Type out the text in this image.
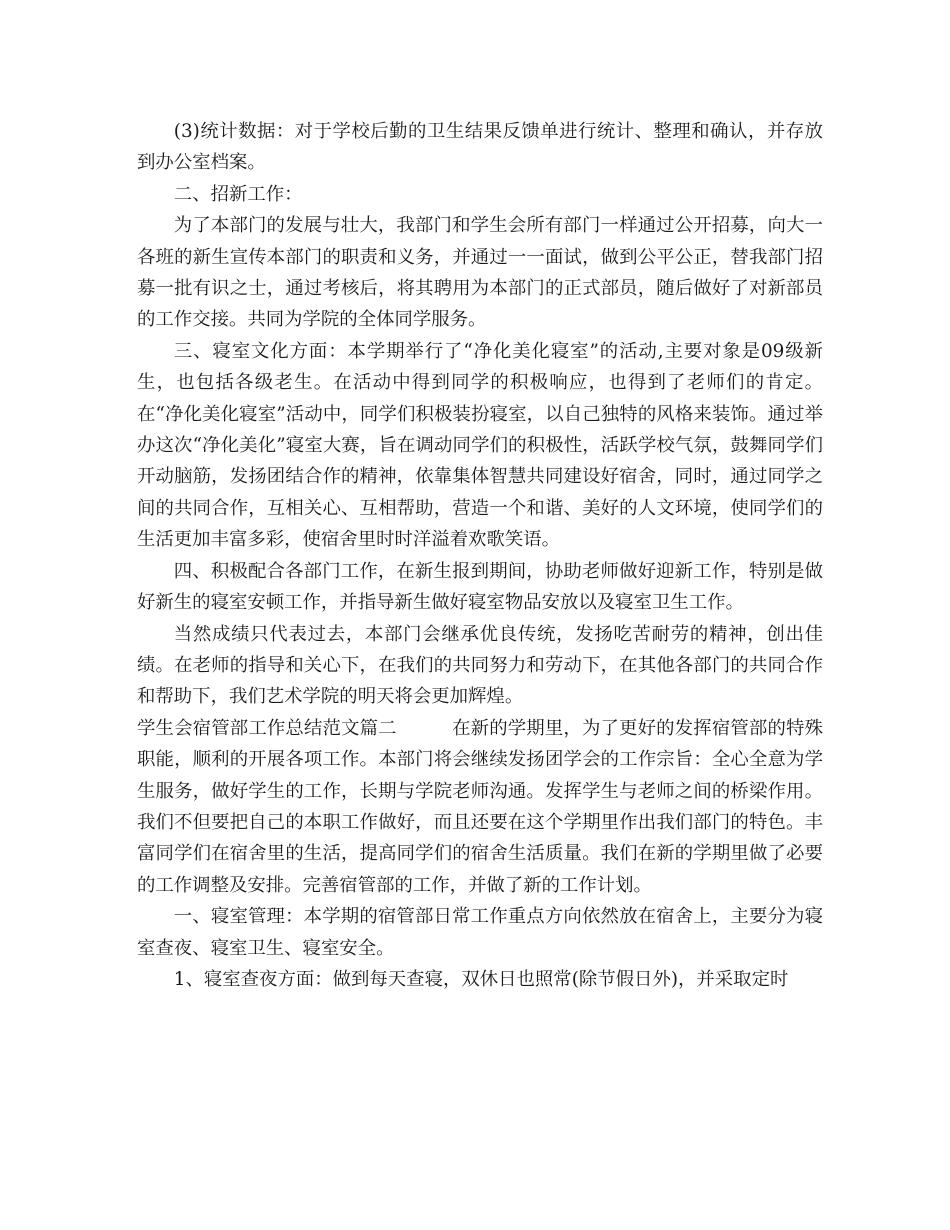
(3)统计数据：对于学校后勤的卫生结果反馈单进行统计、整理和确认，并存放到办公室档案。

二、招新工作：

为了本部门的发展与壮大，我部门和学生会所有部门一样通过公开招募，向大一各班的新生宣传本部门的职责和义务，并通过一一面试，做到公平公正，替我部门招募一批有识之士，通过考核后，将其聘用为本部门的正式部员，随后做好了对新部员的工作交接。共同为学院的全体同学服务。

三、寝室文化方面：本学期举行了“净化美化寝室”的活动,主要对象是09级新生，也包括各级老生。在活动中得到同学的积极响应，也得到了老师们的肯定。在“净化美化寝室”活动中，同学们积极装扮寝室，以自己独特的风格来装饰。通过举办这次“净化美化”寝室大赛，旨在调动同学们的积极性，活跃学校气氛，鼓舞同学们开动脑筋，发扬团结合作的精神，依靠集体智慧共同建设好宿舍，同时，通过同学之间的共同合作，互相关心、互相帮助，营造一个和谐、美好的人文环境，使同学们的生活更加丰富多彩，使宿舍里时时洋溢着欢歌笑语。

四、积极配合各部门工作，在新生报到期间，协助老师做好迎新工作，特别是做好新生的寝室安顿工作，并指导新生做好寝室物品安放以及寝室卫生工作。

当然成绩只代表过去，本部门会继承优良传统，发扬吃苦耐劳的精神，创出佳绩。在老师的指导和关心下，在我们的共同努力和劳动下，在其他各部门的共同合作和帮助下，我们艺术学院的明天将会更加辉煌。

学生会宿管部工作总结范文篇二	在新的学期里，为了更好的发挥宿管部的特殊职能，顺利的开展各项工作。本部门将会继续发扬团学会的工作宗旨：全心全意为学生服务，做好学生的工作，长期与学院老师沟通。发挥学生与老师之间的桥梁作用。我们不但要把自己的本职工作做好，而且还要在这个学期里作出我们部门的特色。丰富同学们在宿舍里的生活，提高同学们的宿舍生活质量。我们在新的学期里做了必要的工作调整及安排。完善宿管部的工作，并做了新的工作计划。

一、寝室管理：本学期的宿管部日常工作重点方向依然放在宿舍上，主要分为寝室查夜、寝室卫生、寝室安全。

1、寝室查夜方面：做到每天查寝，双休日也照常(除节假日外)，并采取定时
